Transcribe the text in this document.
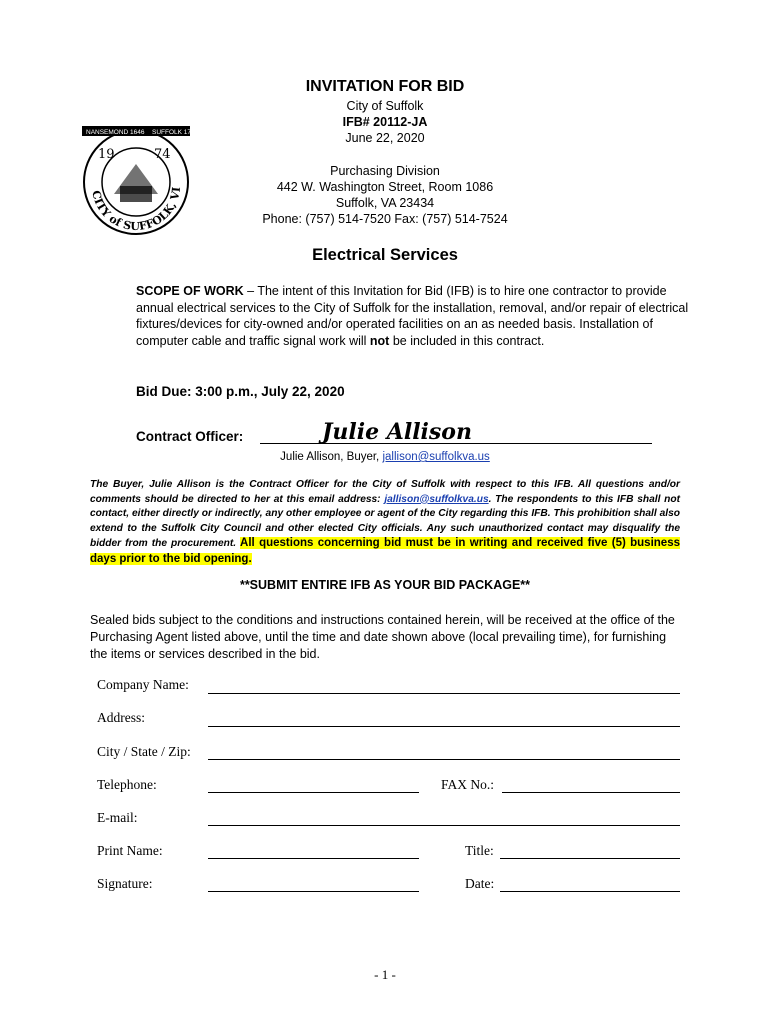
NANSEMOND 1646 SUFFOLK 17
19	74
CITY of SUFFOLK, VI
INVITATION FOR BID
City of Suffolk
IFB# 20112-JA
June 22, 2020
Purchasing Division
442 W. Washington Street, Room 1086
Suffolk, VA 23434
Phone: (757) 514-7520 Fax: (757) 514-7524
Electrical Services
SCOPE OF WORK – The intent of this Invitation for Bid (IFB) is to hire one contractor to provide annual electrical services to the City of Suffolk for the installation, removal, and/or repair of electrical fixtures/devices for city-owned and/or operated facilities on an as needed basis. Installation of computer cable and traffic signal work will not be included in this contract.
Bid Due: 3:00 p.m., July 22, 2020
Contract Officer:	Julie Allison
Julie Allison, Buyer, jallison@suffolkva.us
The Buyer, Julie Allison is the Contract Officer for the City of Suffolk with respect to this IFB. All questions and/or comments should be directed to her at this email address: jallison@suffolkva.us. The respondents to this IFB shall not contact, either directly or indirectly, any other employee or agent of the City regarding this IFB. This prohibition shall also extend to the Suffolk City Council and other elected City officials. Any such unauthorized contact may disqualify the bidder from the procurement. All questions concerning bid must be in writing and received five (5) business days prior to the bid opening.
**SUBMIT ENTIRE IFB AS YOUR BID PACKAGE**
Sealed bids subject to the conditions and instructions contained herein, will be received at the office of the Purchasing Agent listed above, until the time and date shown above (local prevailing time), for furnishing the items or services described in the bid.
Company Name:
Address:
City / State / Zip:
Telephone:	FAX No.:
E-mail:
Print Name:	Title:
Signature:	Date:
- 1 -
